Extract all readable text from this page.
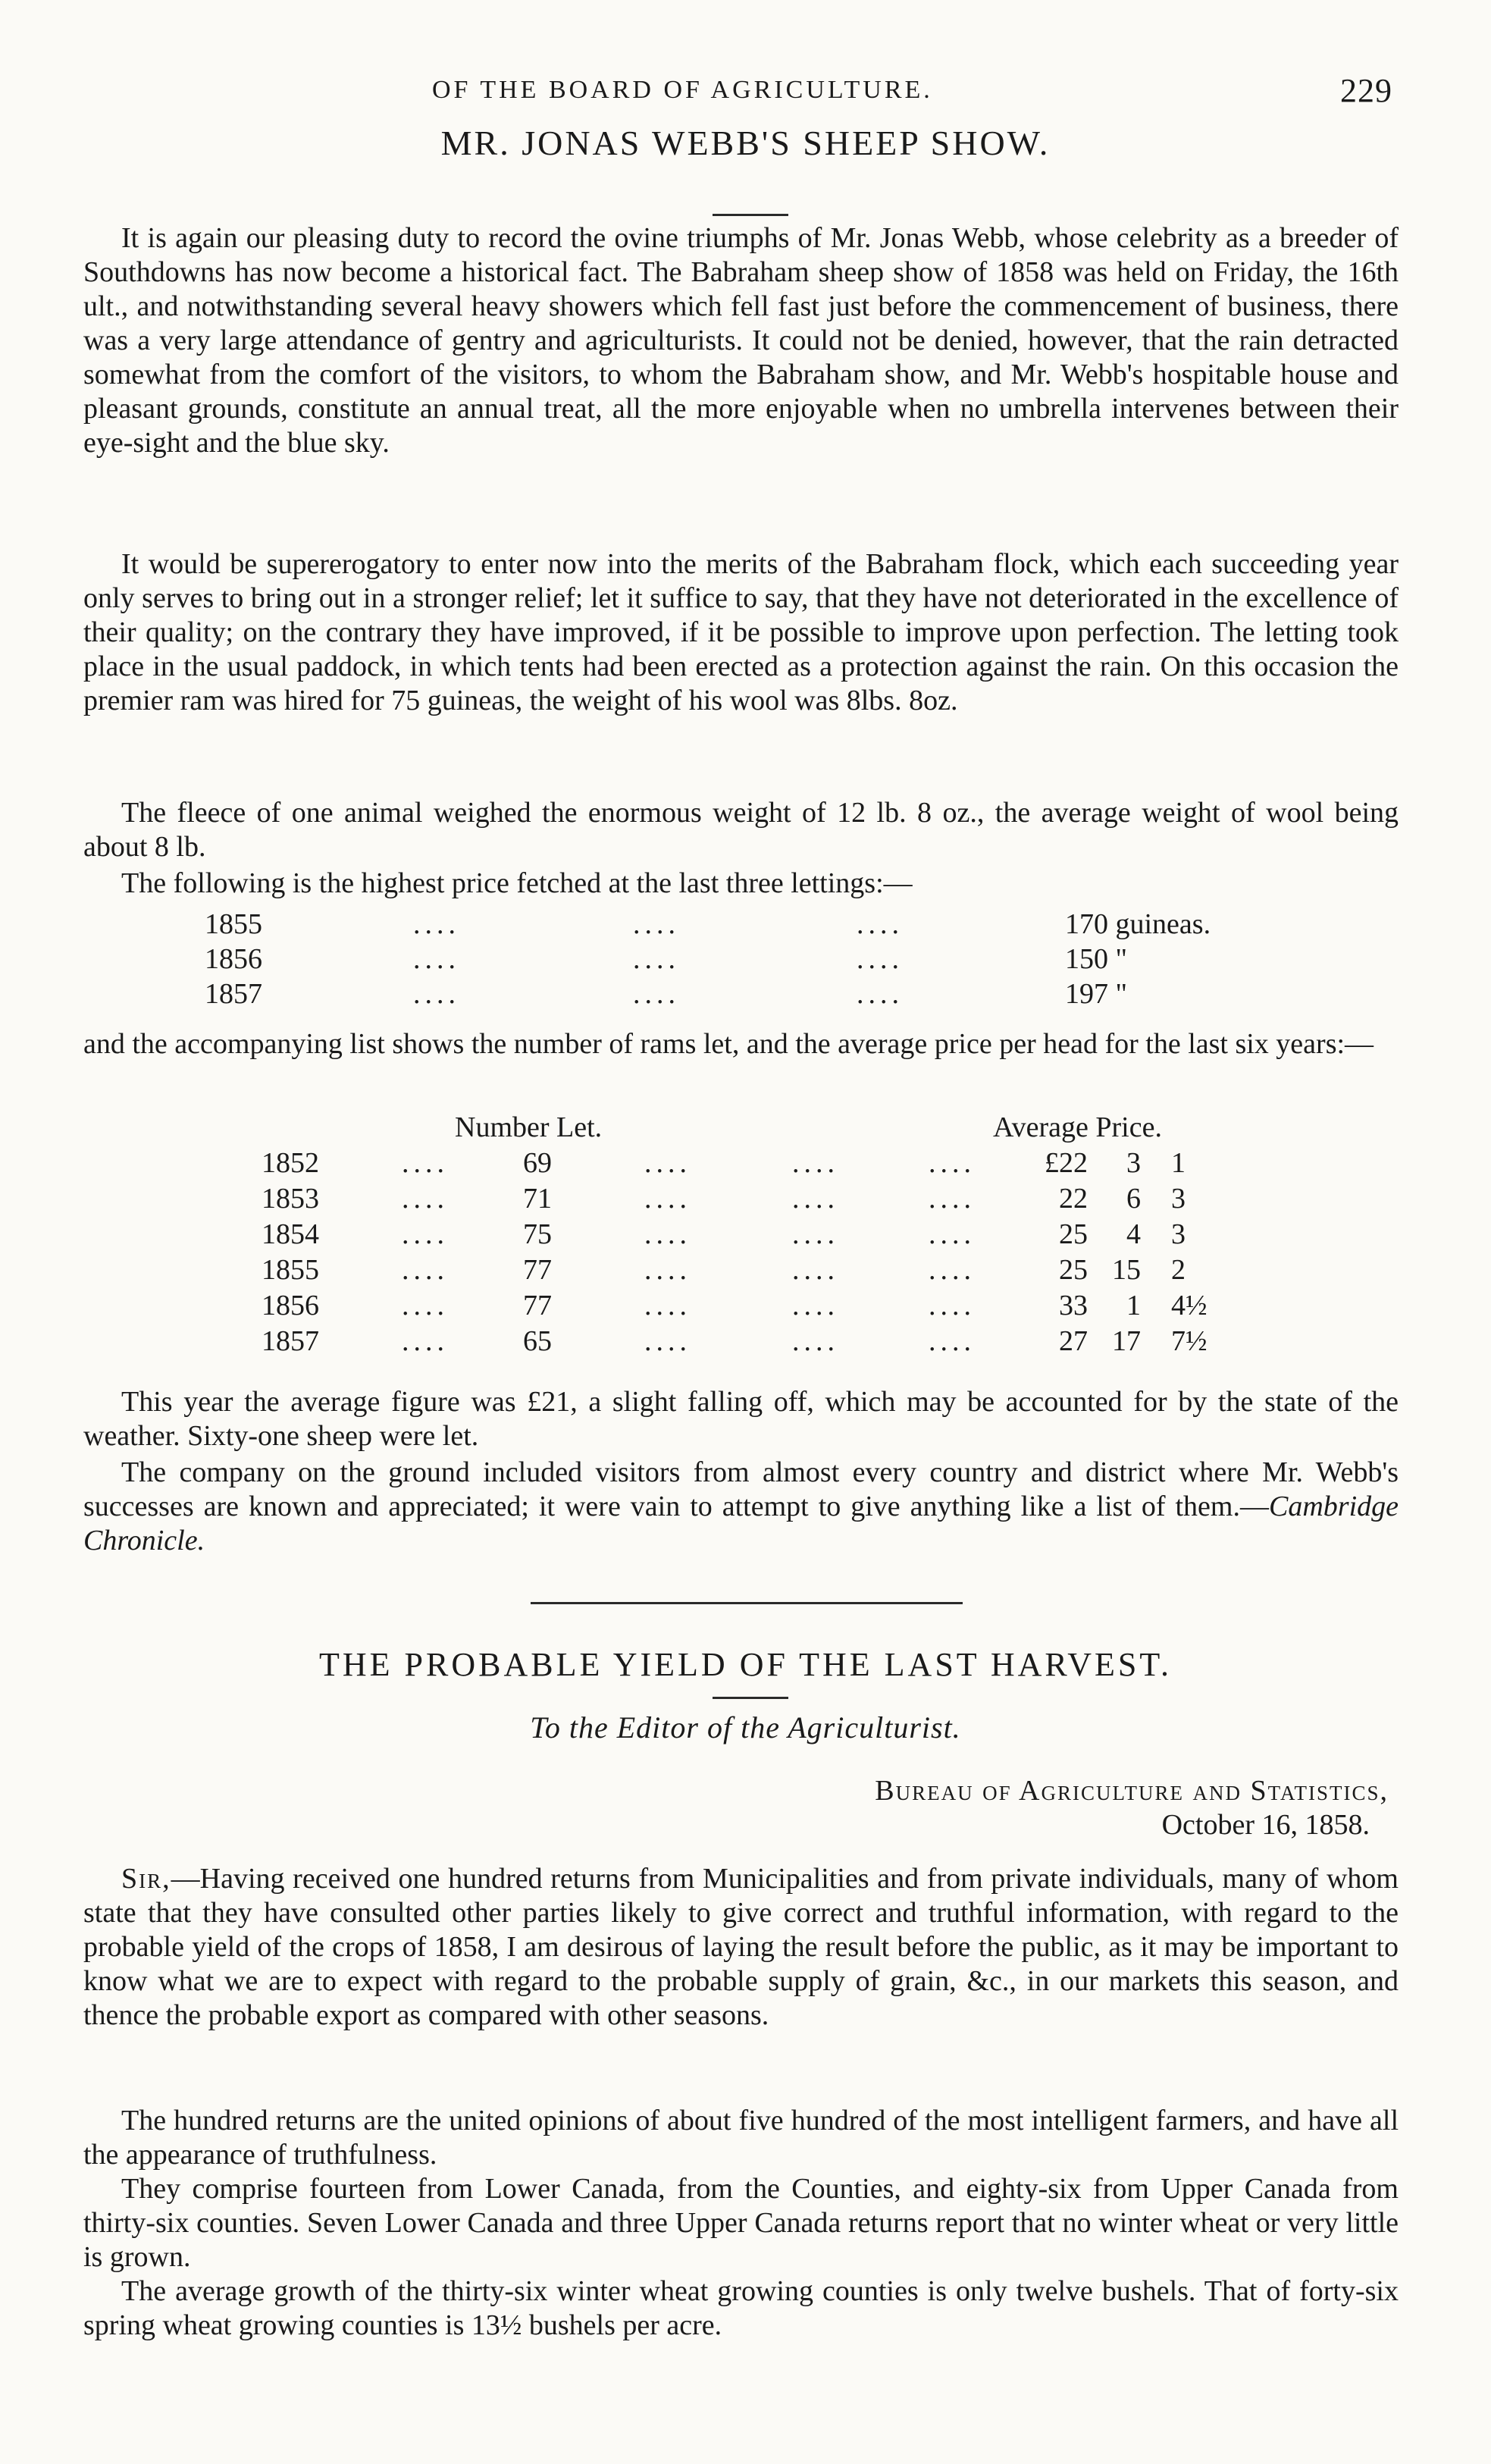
OF THE BOARD OF AGRICULTURE.	229
MR. JONAS WEBB'S SHEEP SHOW.

It is again our pleasing duty to record the ovine triumphs of Mr. Jonas Webb, whose celebrity as a breeder of Southdowns has now become a historical fact. The Babraham sheep show of 1858 was held on Friday, the 16th ult., and notwithstanding several heavy showers which fell fast just before the commencement of business, there was a very large attendance of gentry and agriculturists. It could not be denied, however, that the rain detracted somewhat from the comfort of the visitors, to whom the Babraham show, and Mr. Webb's hospitable house and pleasant grounds, constitute an annual treat, all the more enjoyable when no umbrella intervenes between their eye-sight and the blue sky.

It would be supererogatory to enter now into the merits of the Babraham flock, which each succeeding year only serves to bring out in a stronger relief; let it suffice to say, that they have not deteriorated in the excellence of their quality; on the contrary they have improved, if it be possible to improve upon perfection. The letting took place in the usual paddock, in which tents had been erected as a protection against the rain. On this occasion the premier ram was hired for 75 guineas, the weight of his wool was 8lbs. 8oz.

The fleece of one animal weighed the enormous weight of 12 lb. 8 oz., the average weight of wool being about 8 lb.

The following is the highest price fetched at the last three lettings:—

1855	....	....	....	170 guineas.
1856	....	....	....	150 "
1857	....	....	....	197 "

and the accompanying list shows the number of rams let, and the average price per head for the last six years:—

Number Let.	Average Price.
1852	....	69	....	....	.... £22 3 1
1853	....	71	....	....	....	22 6 3
1854	....	75	....	....	....	25 4 3
1855	....	77	....	....	....	25 15 2
1856	....	77	....	....	....	33 1 4½
1857	....	65	....	....	....	27 17 7½

This year the average figure was £21, a slight falling off, which may be accounted for by the state of the weather. Sixty-one sheep were let.

The company on the ground included visitors from almost every country and district where Mr. Webb's successes are known and appreciated; it were vain to attempt to give anything like a list of them.—Cambridge Chronicle.

THE PROBABLE YIELD OF THE LAST HARVEST.
To the Editor of the Agriculturist.
Bureau of Agriculture and Statistics,
October 16, 1858.

Sir,—Having received one hundred returns from Municipalities and from private individuals, many of whom state that they have consulted other parties likely to give correct and truthful information, with regard to the probable yield of the crops of 1858, I am desirous of laying the result before the public, as it may be important to know what we are to expect with regard to the probable supply of grain, &c., in our markets this season, and thence the probable export as compared with other seasons.

The hundred returns are the united opinions of about five hundred of the most intelligent farmers, and have all the appearance of truthfulness.

They comprise fourteen from Lower Canada, from the Counties, and eighty-six from Upper Canada from thirty-six counties. Seven Lower Canada and three Upper Canada returns report that no winter wheat or very little is grown.

The average growth of the thirty-six winter wheat growing counties is only twelve bushels. That of forty-six spring wheat growing counties is 13½ bushels per acre.
